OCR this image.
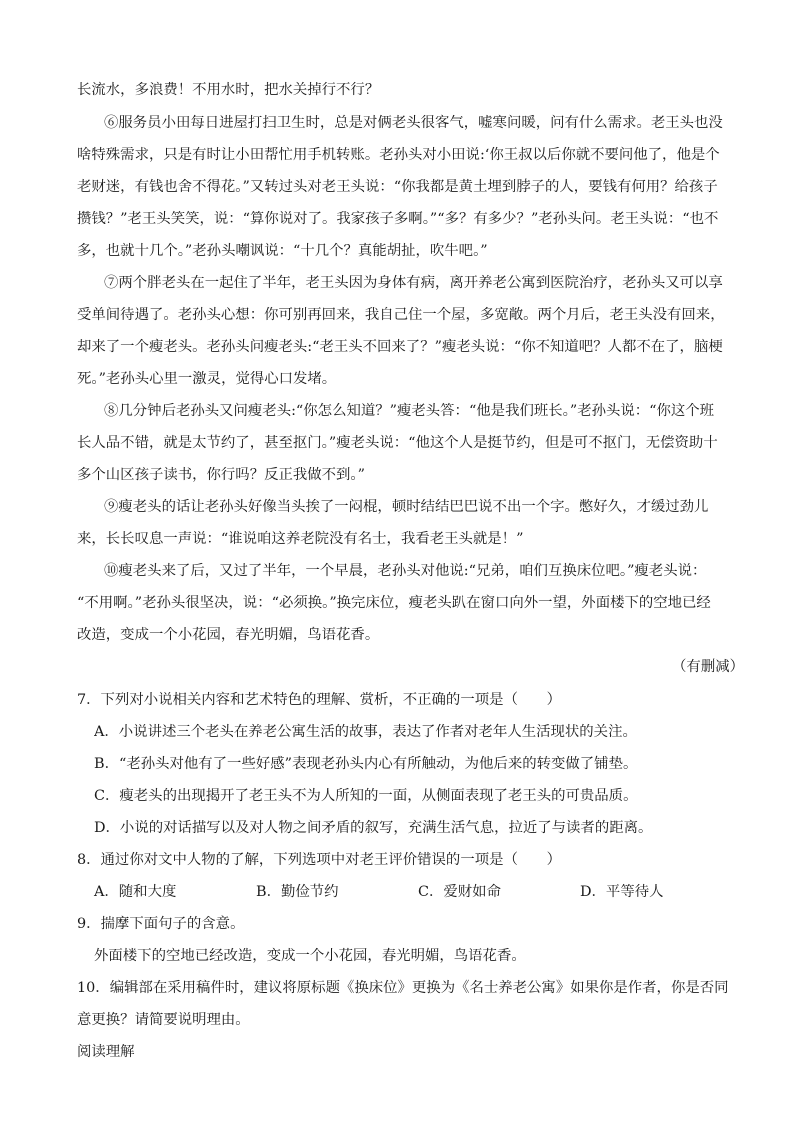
长流水，多浪费！不用水时，把水关掉行不行？
⑥服务员小田每日进屋打扫卫生时，总是对俩老头很客气，嘘寒问暖，问有什么需求。老王头也没
啥特殊需求，只是有时让小田帮忙用手机转账。老孙头对小田说:‘你王叔以后你就不要问他了，他是个
老财迷，有钱也舍不得花。”又转过头对老王头说：“你我都是黄土埋到脖子的人，要钱有何用？给孩子
攒钱？”老王头笑笑，说：“算你说对了。我家孩子多啊。”“多？有多少？”老孙头问。老王头说：“也不
多，也就十几个。”老孙头嘲讽说：“十几个？真能胡扯，吹牛吧。”
⑦两个胖老头在一起住了半年，老王头因为身体有病，离开养老公寓到医院治疗，老孙头又可以享
受单间待遇了。老孙头心想：你可别再回来，我自己住一个屋，多宽敞。两个月后，老王头没有回来，
却来了一个瘦老头。老孙头问瘦老头:“老王头不回来了？”瘦老头说：“你不知道吧？人都不在了，脑梗
死。”老孙头心里一激灵，觉得心口发堵。
⑧几分钟后老孙头又问瘦老头:“你怎么知道？”瘦老头答：“他是我们班长。”老孙头说：“你这个班
长人品不错，就是太节约了，甚至抠门。”瘦老头说：“他这个人是挺节约，但是可不抠门，无偿资助十
多个山区孩子读书，你行吗？反正我做不到。”
⑨瘦老头的话让老孙头好像当头挨了一闷棍，顿时结结巴巴说不出一个字。憋好久，才缓过劲儿
来，长长叹息一声说：“谁说咱这养老院没有名士，我看老王头就是！”
⑩瘦老头来了后，又过了半年，一个早晨，老孙头对他说:“兄弟，咱们互换床位吧。”瘦老头说：
“不用啊。”老孙头很坚决，说：“必须换。”换完床位，瘦老头趴在窗口向外一望，外面楼下的空地已经
改造，变成一个小花园，春光明媚，鸟语花香。
（有删减）
7．下列对小说相关内容和艺术特色的理解、赏析，不正确的一项是（　　）
A．小说讲述三个老头在养老公寓生活的故事，表达了作者对老年人生活现状的关注。
B．“老孙头对他有了一些好感”表现老孙头内心有所触动，为他后来的转变做了铺垫。
C．瘦老头的出现揭开了老王头不为人所知的一面，从侧面表现了老王头的可贵品质。
D．小说的对话描写以及对人物之间矛盾的叙写，充满生活气息，拉近了与读者的距离。
8．通过你对文中人物的了解，下列选项中对老王评价错误的一项是（　　）
A．随和大度	B．勤俭节约	C．爱财如命	D．平等待人
9．揣摩下面句子的含意。
外面楼下的空地已经改造，变成一个小花园，春光明媚，鸟语花香。
10．编辑部在采用稿件时，建议将原标题《换床位》更换为《名士养老公寓》如果你是作者，你是否同
意更换？请简要说明理由。
阅读理解
